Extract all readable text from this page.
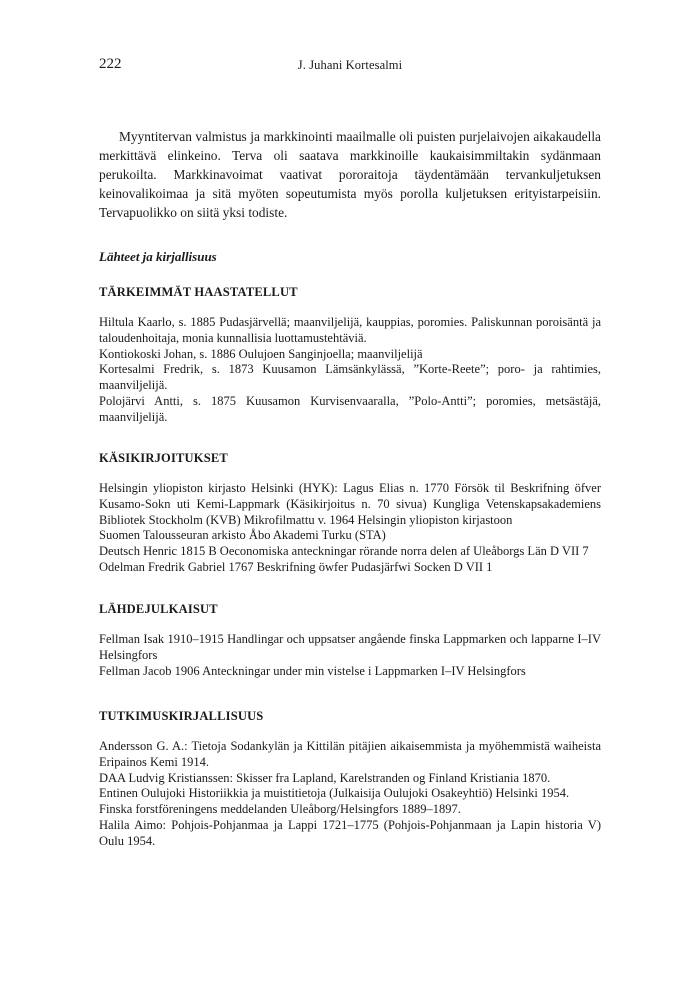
222	J. Juhani Kortesalmi

Myyntitervan valmistus ja markkinointi maailmalle oli puisten purjelaivojen aikakaudella merkittävä elinkeino. Terva oli saatava markkinoille kaukaisimmiltakin sydänmaan perukoilta. Markkinavoimat vaativat pororaitoja täydentämään tervankuljetuksen keinovalikoimaa ja sitä myöten sopeutumista myös porolla kuljetuksen erityistarpeisiin. Tervapuolikko on siitä yksi todiste.

Lähteet ja kirjallisuus
TÄRKEIMMÄT HAASTATELLUT
Hiltula Kaarlo, s. 1885 Pudasjärvellä; maanviljelijä, kauppias, poromies. Paliskunnan poroisäntä ja taloudenhoitaja, monia kunnallisia luottamustehtäviä.
Kontiokoski Johan, s. 1886 Oulujoen Sanginjoella; maanviljelijä
Kortesalmi Fredrik, s. 1873 Kuusamon Lämsänkylässä, ”Korte-Reete”; poro- ja rahtimies, maanviljelijä.
Polojärvi Antti, s. 1875 Kuusamon Kurvisenvaaralla, ”Polo-Antti”; poromies, metsästäjä, maanviljelijä.
KÄSIKIRJOITUKSET
Helsingin yliopiston kirjasto Helsinki (HYK): Lagus Elias n. 1770 Försök til Beskrifning öfver Kusamo-Sokn uti Kemi-Lappmark (Käsikirjoitus n. 70 sivua) Kungliga Vetenskapsakademiens Bibliotek Stockholm (KVB) Mikrofilmattu v. 1964 Helsingin yliopiston kirjastoon
Suomen Talousseuran arkisto Åbo Akademi Turku (STA)
Deutsch Henric 1815 B Oeconomiska anteckningar rörande norra delen af Uleåborgs Län D VII 7
Odelman Fredrik Gabriel 1767 Beskrifning öwfer Pudasjärfwi Socken D VII 1
LÄHDEJULKAISUT
Fellman Isak 1910–1915 Handlingar och uppsatser angående finska Lappmarken och lapparne I–IV Helsingfors
Fellman Jacob 1906 Anteckningar under min vistelse i Lappmarken I–IV Helsingfors
TUTKIMUSKIRJALLISUUS
Andersson G. A.: Tietoja Sodankylän ja Kittilän pitäjien aikaisemmista ja myöhemmistä waiheista Eripainos Kemi 1914.
DAA Ludvig Kristianssen: Skisser fra Lapland, Karelstranden og Finland Kristiania 1870.
Entinen Oulujoki Historiikkia ja muistitietoja (Julkaisija Oulujoki Osakeyhtiö) Helsinki 1954.
Finska forstföreningens meddelanden Uleåborg/Helsingfors 1889–1897.
Halila Aimo: Pohjois-Pohjanmaa ja Lappi 1721–1775 (Pohjois-Pohjanmaan ja Lapin historia V) Oulu 1954.
